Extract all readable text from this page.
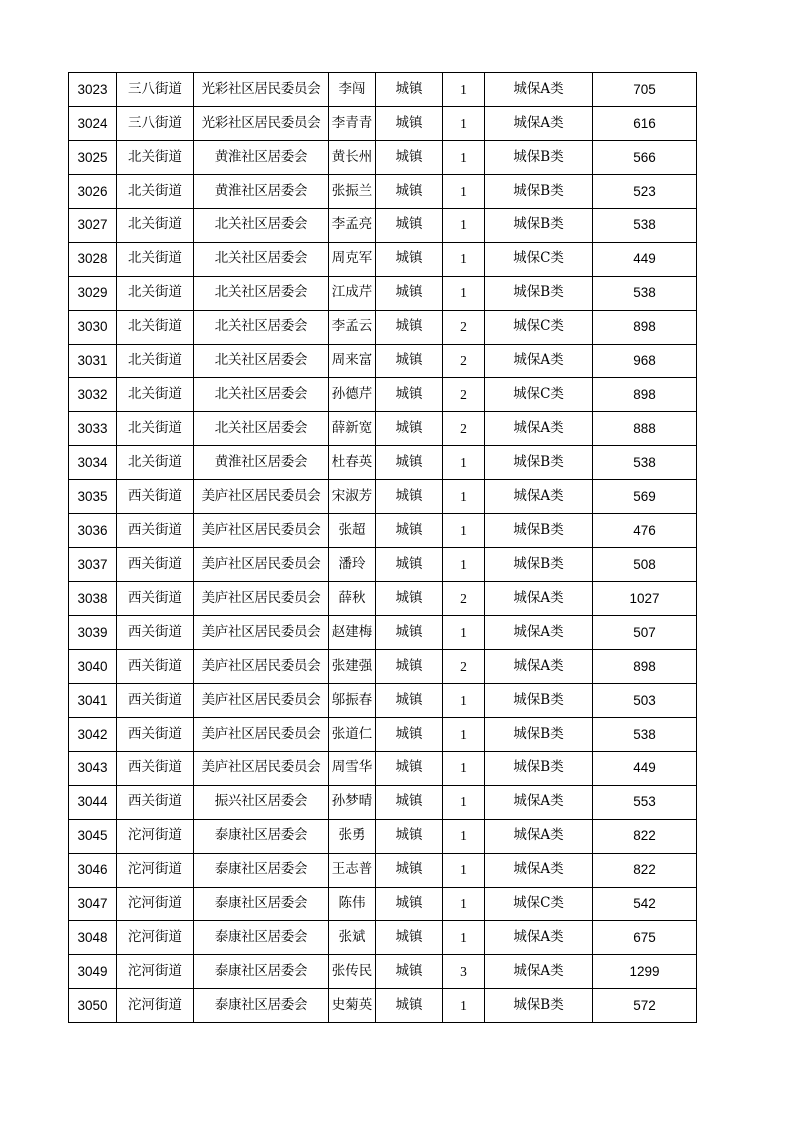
3023	三八街道	光彩社区居民委员会	李闯	城镇	1	城保A类	705
3024	三八街道	光彩社区居民委员会	李青青	城镇	1	城保A类	616
3025	北关街道	黄淮社区居委会	黄长州	城镇	1	城保B类	566
3026	北关街道	黄淮社区居委会	张振兰	城镇	1	城保B类	523
3027	北关街道	北关社区居委会	李孟亮	城镇	1	城保B类	538
3028	北关街道	北关社区居委会	周克军	城镇	1	城保C类	449
3029	北关街道	北关社区居委会	江成芹	城镇	1	城保B类	538
3030	北关街道	北关社区居委会	李孟云	城镇	2	城保C类	898
3031	北关街道	北关社区居委会	周来富	城镇	2	城保A类	968
3032	北关街道	北关社区居委会	孙德芹	城镇	2	城保C类	898
3033	北关街道	北关社区居委会	薛新宽	城镇	2	城保A类	888
3034	北关街道	黄淮社区居委会	杜春英	城镇	1	城保B类	538
3035	西关街道	美庐社区居民委员会	宋淑芳	城镇	1	城保A类	569
3036	西关街道	美庐社区居民委员会	张超	城镇	1	城保B类	476
3037	西关街道	美庐社区居民委员会	潘玲	城镇	1	城保B类	508
3038	西关街道	美庐社区居民委员会	薛秋	城镇	2	城保A类	1027
3039	西关街道	美庐社区居民委员会	赵建梅	城镇	1	城保A类	507
3040	西关街道	美庐社区居民委员会	张建强	城镇	2	城保A类	898
3041	西关街道	美庐社区居民委员会	邬振春	城镇	1	城保B类	503
3042	西关街道	美庐社区居民委员会	张道仁	城镇	1	城保B类	538
3043	西关街道	美庐社区居民委员会	周雪华	城镇	1	城保B类	449
3044	西关街道	振兴社区居委会	孙梦晴	城镇	1	城保A类	553
3045	沱河街道	泰康社区居委会	张勇	城镇	1	城保A类	822
3046	沱河街道	泰康社区居委会	王志普	城镇	1	城保A类	822
3047	沱河街道	泰康社区居委会	陈伟	城镇	1	城保C类	542
3048	沱河街道	泰康社区居委会	张斌	城镇	1	城保A类	675
3049	沱河街道	泰康社区居委会	张传民	城镇	3	城保A类	1299
3050	沱河街道	泰康社区居委会	史菊英	城镇	1	城保B类	572
